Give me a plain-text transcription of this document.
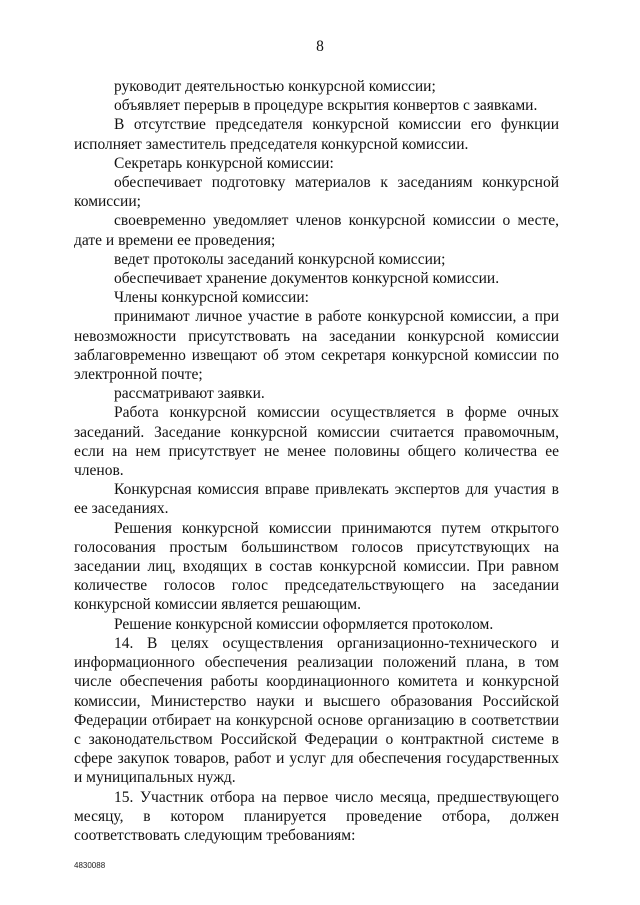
8

руководит деятельностью конкурсной комиссии;

объявляет перерыв в процедуре вскрытия конвертов с заявками.

В отсутствие председателя конкурсной комиссии его функции исполняет заместитель председателя конкурсной комиссии.

Секретарь конкурсной комиссии:

обеспечивает подготовку материалов к заседаниям конкурсной комиссии;

своевременно уведомляет членов конкурсной комиссии о месте, дате и времени ее проведения;

ведет протоколы заседаний конкурсной комиссии;

обеспечивает хранение документов конкурсной комиссии.

Члены конкурсной комиссии:

принимают личное участие в работе конкурсной комиссии, а при невозможности присутствовать на заседании конкурсной комиссии заблаговременно извещают об этом секретаря конкурсной комиссии по электронной почте;

рассматривают заявки.

Работа конкурсной комиссии осуществляется в форме очных заседаний. Заседание конкурсной комиссии считается правомочным, если на нем присутствует не менее половины общего количества ее членов.

Конкурсная комиссия вправе привлекать экспертов для участия в ее заседаниях.

Решения конкурсной комиссии принимаются путем открытого голосования простым большинством голосов присутствующих на заседании лиц, входящих в состав конкурсной комиссии. При равном количестве голосов голос председательствующего на заседании конкурсной комиссии является решающим.

Решение конкурсной комиссии оформляется протоколом.

14. В целях осуществления организационно-технического и информационного обеспечения реализации положений плана, в том числе обеспечения работы координационного комитета и конкурсной комиссии, Министерство науки и высшего образования Российской Федерации отбирает на конкурсной основе организацию в соответствии с законодательством Российской Федерации о контрактной системе в сфере закупок товаров, работ и услуг для обеспечения государственных и муниципальных нужд.

15. Участник отбора на первое число месяца, предшествующего месяцу, в котором планируется проведение отбора, должен соответствовать следующим требованиям:

4830088
